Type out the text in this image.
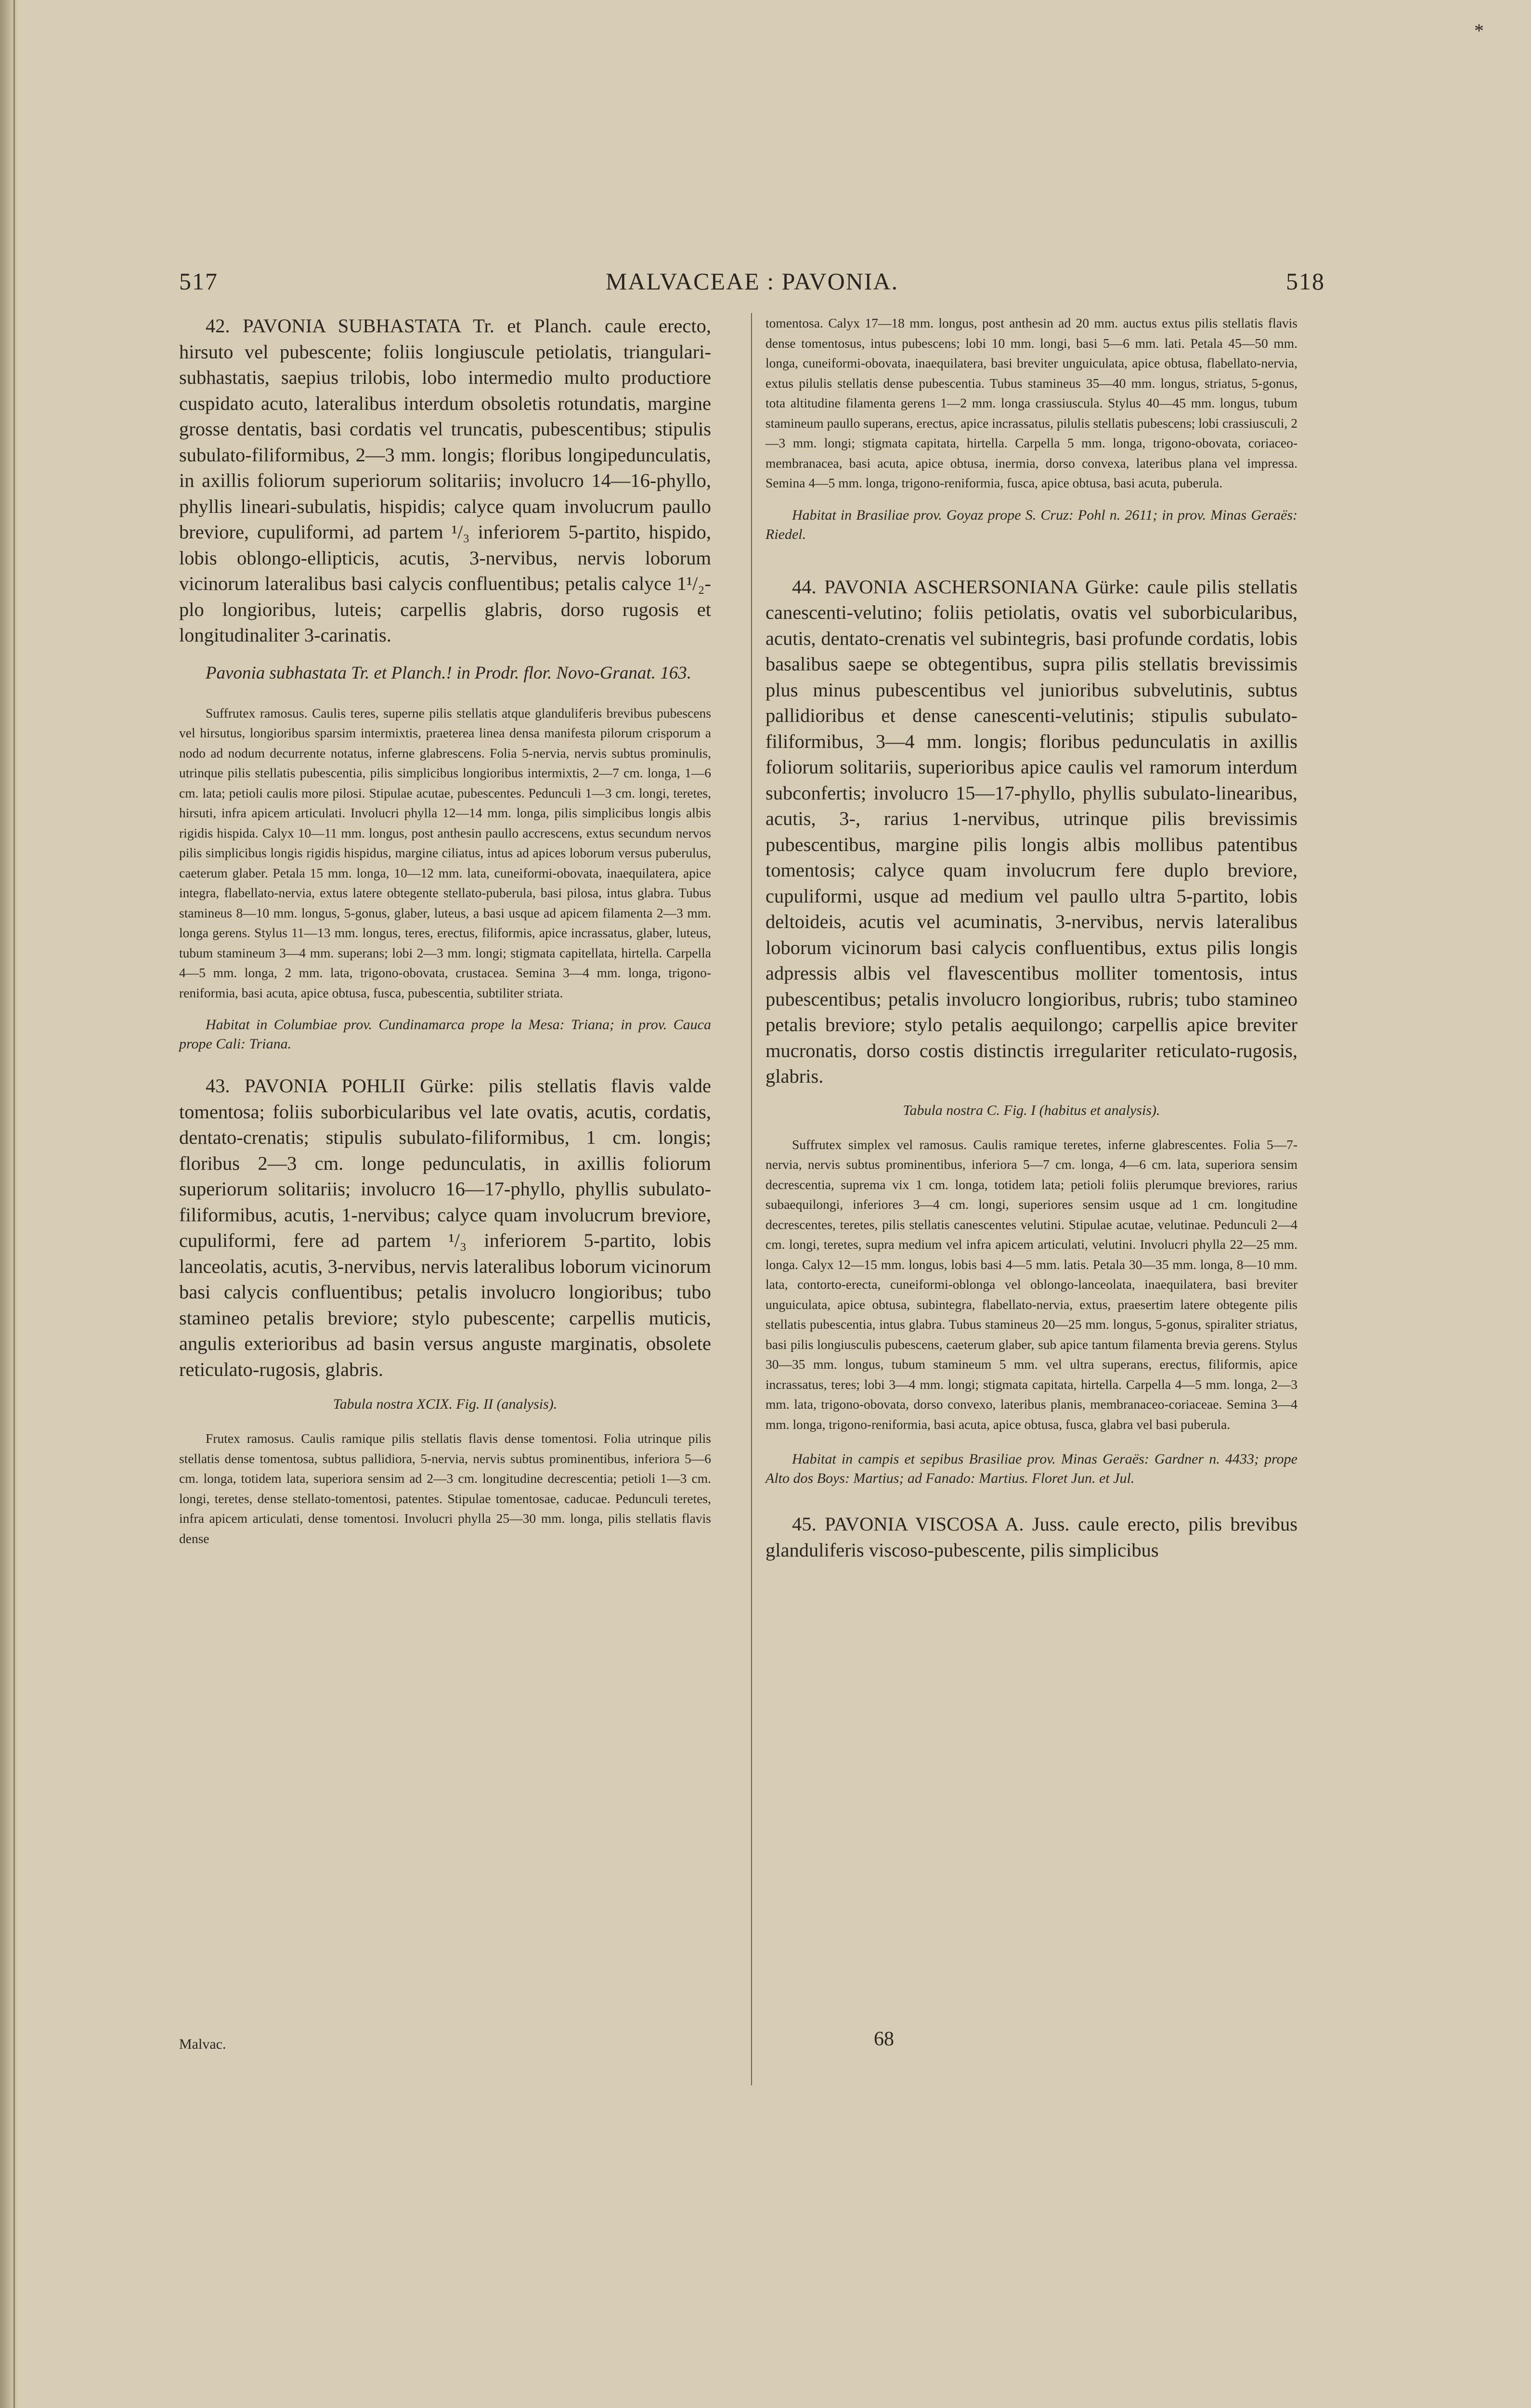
*
517	MALVACEAE : PAVONIA.	518

42. PAVONIA SUBHASTATA Tr. et Planch. caule erecto, hirsuto vel pubescente; foliis longiuscule petiolatis, triangulari-subhastatis, saepius trilobis, lobo intermedio multo productiore cuspidato acuto, lateralibus interdum obsoletis rotundatis, margine grosse dentatis, basi cordatis vel truncatis, pubescentibus; stipulis subulato-filiformibus, 2—3 mm. longis; floribus longipedunculatis, in axillis foliorum superiorum solitariis; involucro 14—16-phyllo, phyllis lineari-subulatis, hispidis; calyce quam involucrum paullo breviore, cupuliformi, ad partem ¹/₃ inferiorem 5-partito, hispido, lobis oblongo-ellipticis, acutis, 3-nervibus, nervis loborum vicinorum lateralibus basi calycis confluentibus; petalis calyce 1¹/₂-plo longioribus, luteis; carpellis glabris, dorso rugosis et longitudinaliter 3-carinatis.

Pavonia subhastata Tr. et Planch.! in Prodr. flor. Novo-Granat. 163.

Suffrutex ramosus. Caulis teres, superne pilis stellatis atque glanduliferis brevibus pubescens vel hirsutus, longioribus sparsim intermixtis, praeterea linea densa manifesta pilorum crisporum a nodo ad nodum decurrente notatus, inferne glabrescens. Folia 5-nervia, nervis subtus prominulis, utrinque pilis stellatis pubescentia, pilis simplicibus longioribus intermixtis, 2—7 cm. longa, 1—6 cm. lata; petioli caulis more pilosi. Stipulae acutae, pubescentes. Pedunculi 1—3 cm. longi, teretes, hirsuti, infra apicem articulati. Involucri phylla 12—14 mm. longa, pilis simplicibus longis albis rigidis hispida. Calyx 10—11 mm. longus, post anthesin paullo accrescens, extus secundum nervos pilis simplicibus longis rigidis hispidus, margine ciliatus, intus ad apices loborum versus puberulus, caeterum glaber. Petala 15 mm. longa, 10—12 mm. lata, cuneiformi-obovata, inaequilatera, apice integra, flabellato-nervia, extus latere obtegente stellato-puberula, basi pilosa, intus glabra. Tubus stamineus 8—10 mm. longus, 5-gonus, glaber, luteus, a basi usque ad apicem filamenta 2—3 mm. longa gerens. Stylus 11—13 mm. longus, teres, erectus, filiformis, apice incrassatus, glaber, luteus, tubum stamineum 3—4 mm. superans; lobi 2—3 mm. longi; stigmata capitellata, hirtella. Carpella 4—5 mm. longa, 2 mm. lata, trigono-obovata, crustacea. Semina 3—4 mm. longa, trigono-reniformia, basi acuta, apice obtusa, fusca, pubescentia, subtiliter striata.

Habitat in Columbiae prov. Cundinamarca prope la Mesa: Triana; in prov. Cauca prope Cali: Triana.

43. PAVONIA POHLII Gürke: pilis stellatis flavis valde tomentosa; foliis suborbicularibus vel late ovatis, acutis, cordatis, dentato-crenatis; stipulis subulato-filiformibus, 1 cm. longis; floribus 2—3 cm. longe pedunculatis, in axillis foliorum superiorum solitariis; involucro 16—17-phyllo, phyllis subulato-filiformibus, acutis, 1-nervibus; calyce quam involucrum breviore, cupuliformi, fere ad partem ¹/₃ inferiorem 5-partito, lobis lanceolatis, acutis, 3-nervibus, nervis lateralibus loborum vicinorum basi calycis confluentibus; petalis involucro longioribus; tubo stamineo petalis breviore; stylo pubescente; carpellis muticis, angulis exterioribus ad basin versus anguste marginatis, obsolete reticulato-rugosis, glabris.

Tabula nostra XCIX. Fig. II (analysis).

Frutex ramosus. Caulis ramique pilis stellatis flavis dense tomentosi. Folia utrinque pilis stellatis dense tomentosa, subtus pallidiora, 5-nervia, nervis subtus prominentibus, inferiora 5—6 cm. longa, totidem lata, superiora sensim ad 2—3 cm. longitudine decrescentia; petioli 1—3 cm. longi, teretes, dense stellato-tomentosi, patentes. Stipulae tomentosae, caducae. Pedunculi teretes, infra apicem articulati, dense tomentosi. Involucri phylla 25—30 mm. longa, pilis stellatis flavis dense

tomentosa. Calyx 17—18 mm. longus, post anthesin ad 20 mm. auctus extus pilis stellatis flavis dense tomentosus, intus pubescens; lobi 10 mm. longi, basi 5—6 mm. lati. Petala 45—50 mm. longa, cuneiformi-obovata, inaequilatera, basi breviter unguiculata, apice obtusa, flabellato-nervia, extus pilulis stellatis dense pubescentia. Tubus stamineus 35—40 mm. longus, striatus, 5-gonus, tota altitudine filamenta gerens 1—2 mm. longa crassiuscula. Stylus 40—45 mm. longus, tubum stamineum paullo superans, erectus, apice incrassatus, pilulis stellatis pubescens; lobi crassiusculi, 2—3 mm. longi; stigmata capitata, hirtella. Carpella 5 mm. longa, trigono-obovata, coriaceo-membranacea, basi acuta, apice obtusa, inermia, dorso convexa, lateribus plana vel impressa. Semina 4—5 mm. longa, trigono-reniformia, fusca, apice obtusa, basi acuta, puberula.

Habitat in Brasiliae prov. Goyaz prope S. Cruz: Pohl n. 2611; in prov. Minas Geraës: Riedel.

44. PAVONIA ASCHERSONIANA Gürke: caule pilis stellatis canescenti-velutino; foliis petiolatis, ovatis vel suborbicularibus, acutis, dentato-crenatis vel subintegris, basi profunde cordatis, lobis basalibus saepe se obtegentibus, supra pilis stellatis brevissimis plus minus pubescentibus vel junioribus subvelutinis, subtus pallidioribus et dense canescenti-velutinis; stipulis subulato-filiformibus, 3—4 mm. longis; floribus pedunculatis in axillis foliorum solitariis, superioribus apice caulis vel ramorum interdum subconfertis; involucro 15—17-phyllo, phyllis subulato-linearibus, acutis, 3-, rarius 1-nervibus, utrinque pilis brevissimis pubescentibus, margine pilis longis albis mollibus patentibus tomentosis; calyce quam involucrum fere duplo breviore, cupuliformi, usque ad medium vel paullo ultra 5-partito, lobis deltoideis, acutis vel acuminatis, 3-nervibus, nervis lateralibus loborum vicinorum basi calycis confluentibus, extus pilis longis adpressis albis vel flavescentibus molliter tomentosis, intus pubescentibus; petalis involucro longioribus, rubris; tubo stamineo petalis breviore; stylo petalis aequilongo; carpellis apice breviter mucronatis, dorso costis distinctis irregulariter reticulato-rugosis, glabris.

Tabula nostra C. Fig. I (habitus et analysis).

Suffrutex simplex vel ramosus. Caulis ramique teretes, inferne glabrescentes. Folia 5—7-nervia, nervis subtus prominentibus, inferiora 5—7 cm. longa, 4—6 cm. lata, superiora sensim decrescentia, suprema vix 1 cm. longa, totidem lata; petioli foliis plerumque breviores, rarius subaequilongi, inferiores 3—4 cm. longi, superiores sensim usque ad 1 cm. longitudine decrescentes, teretes, pilis stellatis canescentes velutini. Stipulae acutae, velutinae. Pedunculi 2—4 cm. longi, teretes, supra medium vel infra apicem articulati, velutini. Involucri phylla 22—25 mm. longa. Calyx 12—15 mm. longus, lobis basi 4—5 mm. latis. Petala 30—35 mm. longa, 8—10 mm. lata, contorto-erecta, cuneiformi-oblonga vel oblongo-lanceolata, inaequilatera, basi breviter unguiculata, apice obtusa, subintegra, flabellato-nervia, extus, praesertim latere obtegente pilis stellatis pubescentia, intus glabra. Tubus stamineus 20—25 mm. longus, 5-gonus, spiraliter striatus, basi pilis longiusculis pubescens, caeterum glaber, sub apice tantum filamenta brevia gerens. Stylus 30—35 mm. longus, tubum stamineum 5 mm. vel ultra superans, erectus, filiformis, apice incrassatus, teres; lobi 3—4 mm. longi; stigmata capitata, hirtella. Carpella 4—5 mm. longa, 2—3 mm. lata, trigono-obovata, dorso convexo, lateribus planis, membranaceo-coriaceae. Semina 3—4 mm. longa, trigono-reniformia, basi acuta, apice obtusa, fusca, glabra vel basi puberula.

Habitat in campis et sepibus Brasiliae prov. Minas Geraës: Gardner n. 4433; prope Alto dos Boys: Martius; ad Fanado: Martius. Floret Jun. et Jul.

45. PAVONIA VISCOSA A. Juss. caule erecto, pilis brevibus glanduliferis viscoso-pubescente, pilis simplicibus

Malvac.	68
